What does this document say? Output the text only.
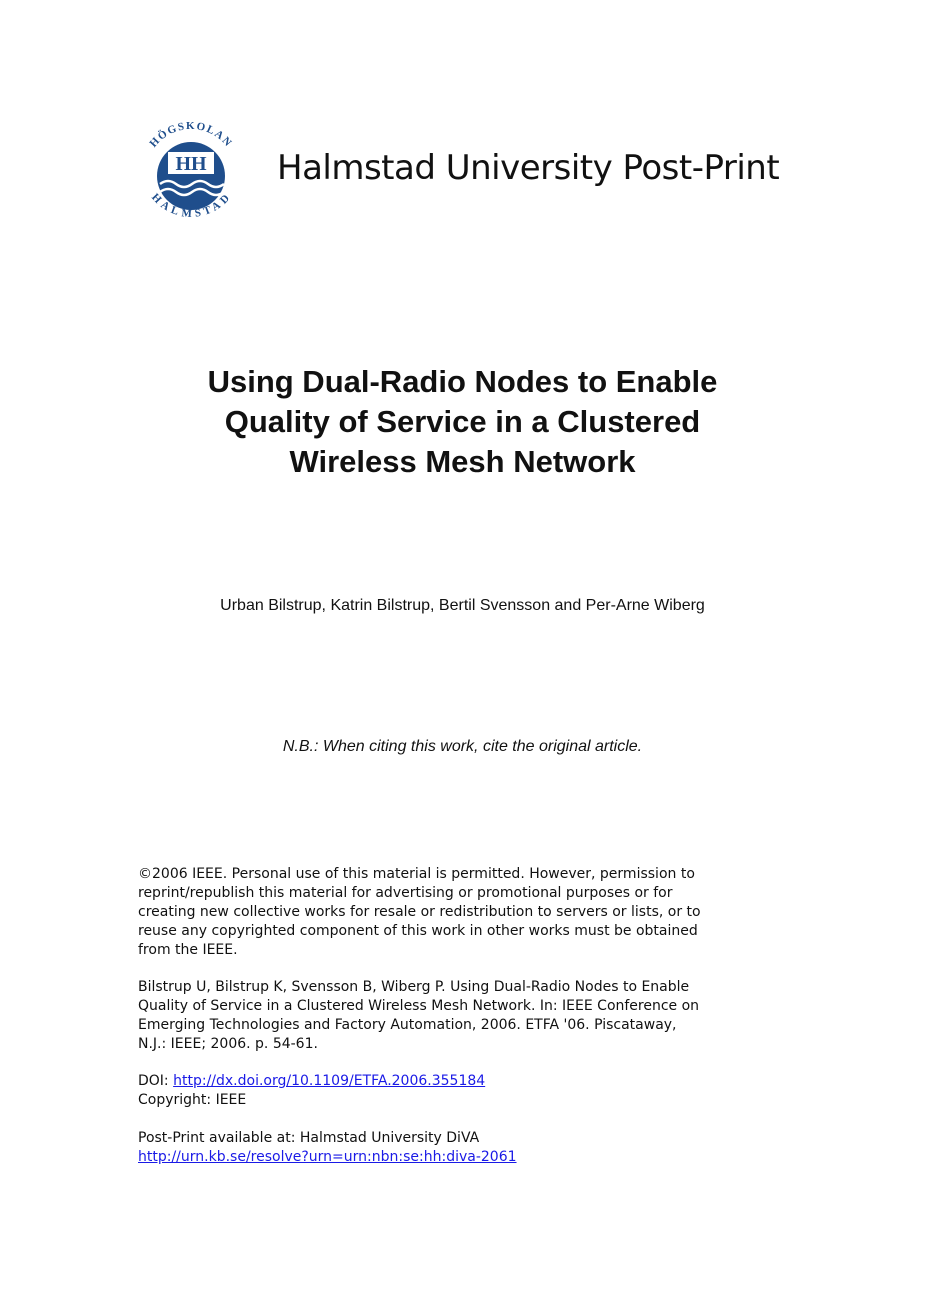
HH
HÖGSKOLAN
HALMSTAD
Halmstad University Post-Print
Using Dual-Radio Nodes to Enable
Quality of Service in a Clustered
Wireless Mesh Network
Urban Bilstrup, Katrin Bilstrup, Bertil Svensson and Per-Arne Wiberg
N.B.: When citing this work, cite the original article.
©2006 IEEE. Personal use of this material is permitted. However, permission to
reprint/republish this material for advertising or promotional purposes or for
creating new collective works for resale or redistribution to servers or lists, or to
reuse any copyrighted component of this work in other works must be obtained
from the IEEE.
Bilstrup U, Bilstrup K, Svensson B, Wiberg P. Using Dual-Radio Nodes to Enable
Quality of Service in a Clustered Wireless Mesh Network. In: IEEE Conference on
Emerging Technologies and Factory Automation, 2006. ETFA '06. Piscataway,
N.J.: IEEE; 2006. p. 54-61.
DOI: http://dx.doi.org/10.1109/ETFA.2006.355184
Copyright: IEEE
Post-Print available at: Halmstad University DiVA
http://urn.kb.se/resolve?urn=urn:nbn:se:hh:diva-2061
